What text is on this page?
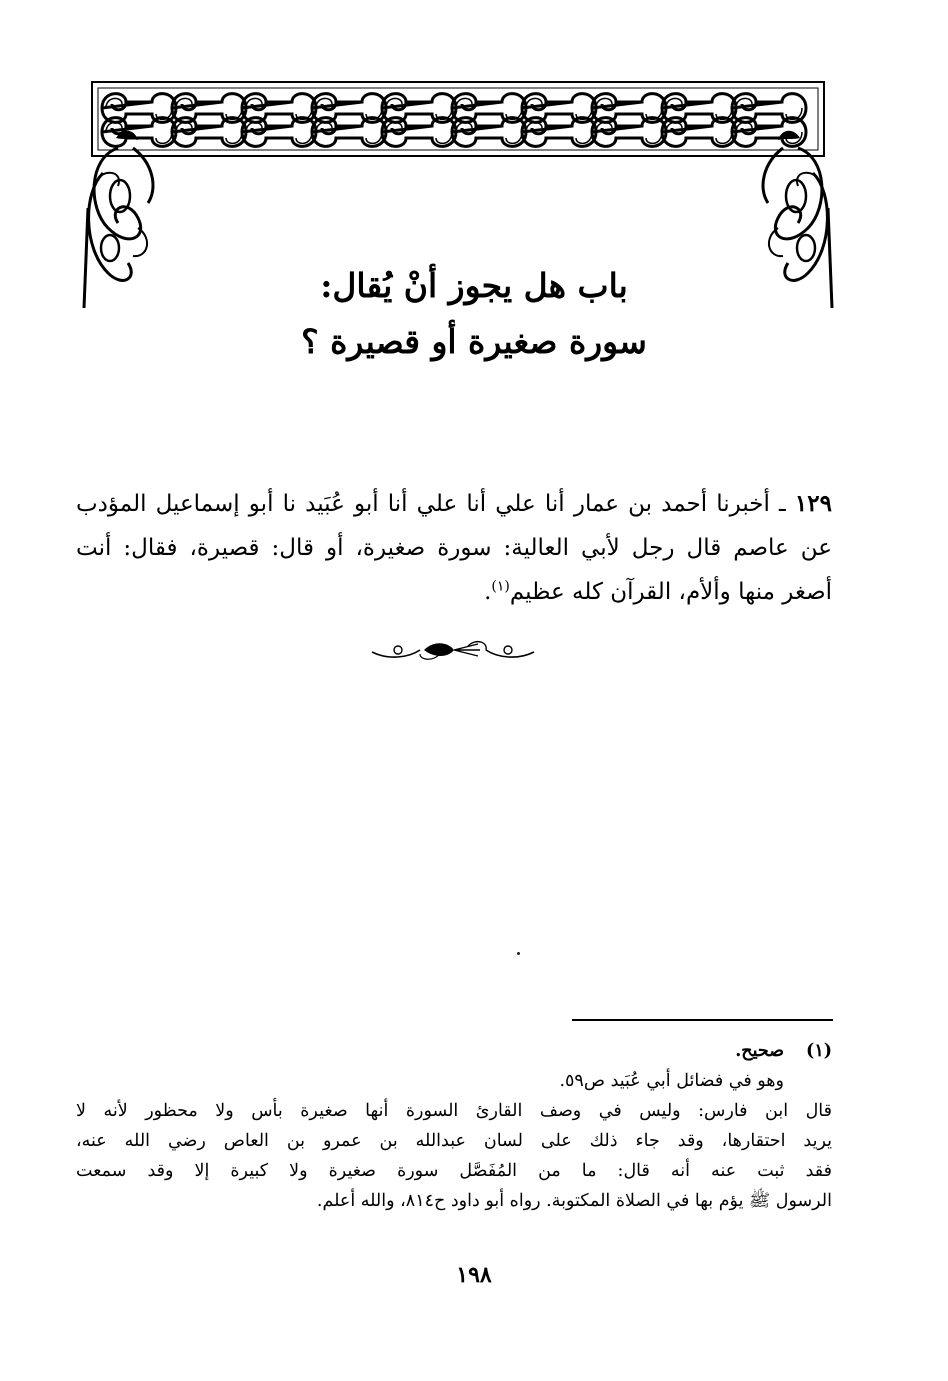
باب هل يجوز أنْ يُقال:
سورة صغيرة أو قصيرة ؟
١٢٩ ـ أخبرنا أحمد بن عمار أنا علي أنا علي أنا أبو عُبَيد نا أبو إسماعيل المؤدب عن عاصم قال رجل لأبي العالية: سورة صغيرة، أو قال: قصيرة، فقال: أنت أصغر منها وألأم، القرآن كله عظيم$^{(١)}$.
(١)
صحيح.
وهو في فضائل أبي عُبَيد ص٥٩.
قال ابن فارس: وليس في وصف القارئ السورة أنها صغيرة بأس ولا محظور لأنه لا
يريد احتقارها، وقد جاء ذلك على لسان عبدالله بن عمرو بن العاص رضي الله عنه،
فقد ثبت عنه أنه قال: ما من المُفَصَّل سورة صغيرة ولا كبيرة إلا وقد سمعت
الرسول ﷺ يؤم بها في الصلاة المكتوبة. رواه أبو داود ح٨١٤، والله أعلم.
١٩٨
